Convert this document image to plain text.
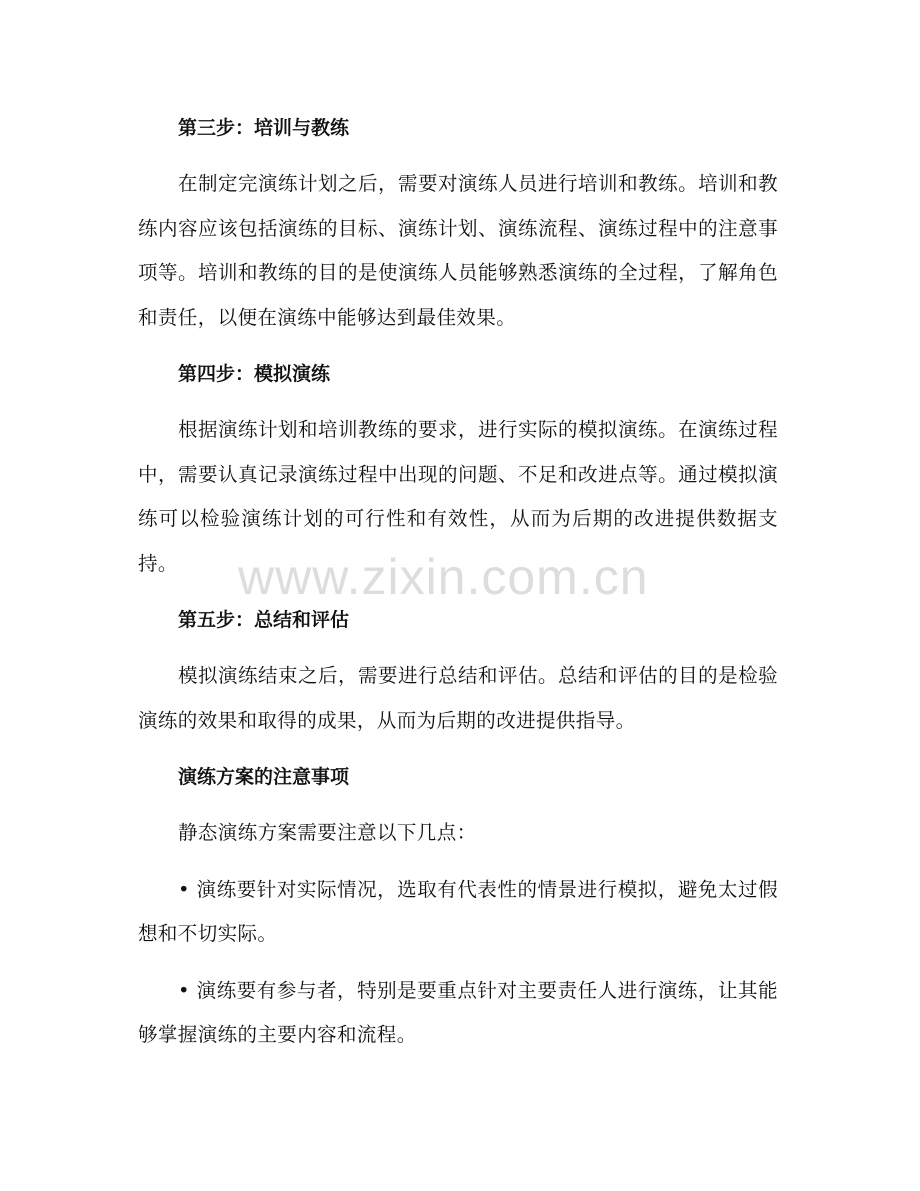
第三步：培训与教练

在制定完演练计划之后，需要对演练人员进行培训和教练。培训和教练内容应该包括演练的目标、演练计划、演练流程、演练过程中的注意事项等。培训和教练的目的是使演练人员能够熟悉演练的全过程，了解角色和责任，以便在演练中能够达到最佳效果。

第四步：模拟演练

根据演练计划和培训教练的要求，进行实际的模拟演练。在演练过程中，需要认真记录演练过程中出现的问题、不足和改进点等。通过模拟演练可以检验演练计划的可行性和有效性，从而为后期的改进提供数据支持。

第五步：总结和评估

模拟演练结束之后，需要进行总结和评估。总结和评估的目的是检验演练的效果和取得的成果，从而为后期的改进提供指导。

演练方案的注意事项

静态演练方案需要注意以下几点：

• 演练要针对实际情况，选取有代表性的情景进行模拟，避免太过假想和不切实际。

• 演练要有参与者，特别是要重点针对主要责任人进行演练，让其能够掌握演练的主要内容和流程。

www.zixin.com.cn
